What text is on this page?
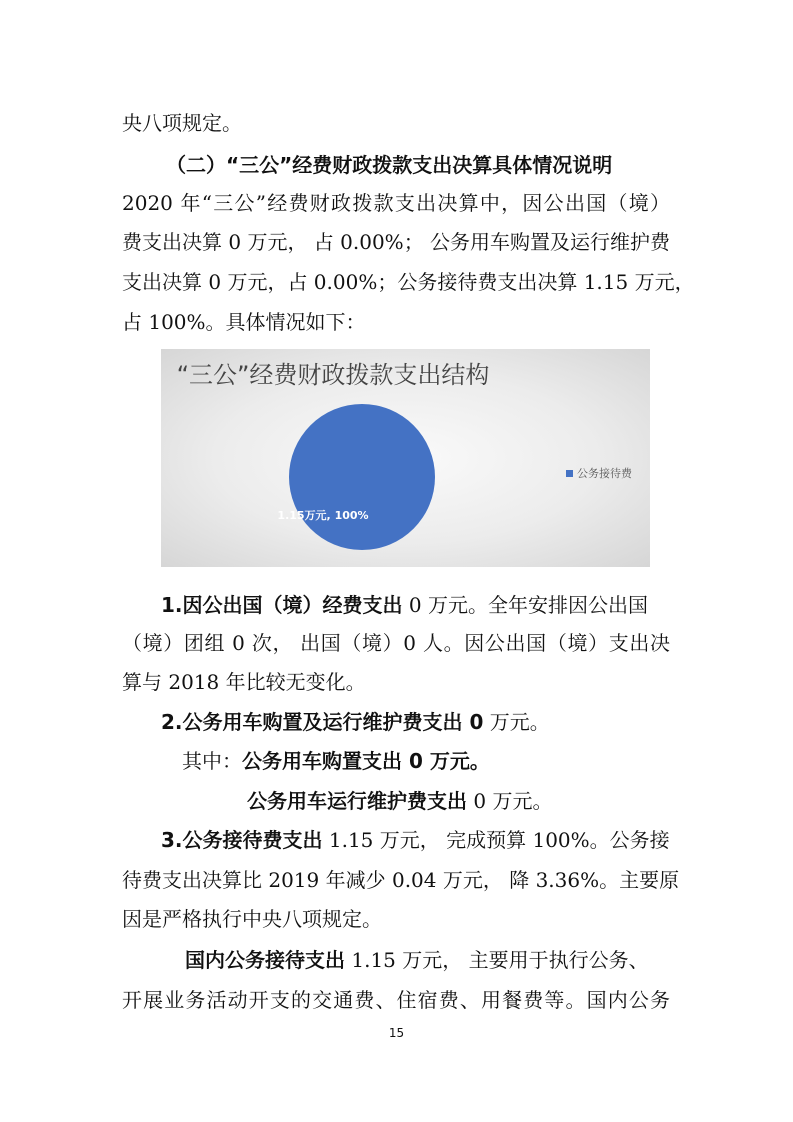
央八项规定。
（二）“三公”经费财政拨款支出决算具体情况说明
2020 年“三公”经费财政拨款支出决算中，因公出国（境）
费支出决算 0 万元， 占 0.00%； 公务用车购置及运行维护费
支出决算 0 万元，占 0.00%；公务接待费支出决算 1.15 万元，
占 100%。具体情况如下：
“三公”经费财政拨款支出结构
1.15万元, 100%
公务接待费
1.因公出国（境）经费支出 0 万元。全年安排因公出国
（境）团组 0 次， 出国（境）0 人。因公出国（境）支出决
算与 2018 年比较无变化。
2.公务用车购置及运行维护费支出 0 万元。
其中：公务用车购置支出 0 万元。
公务用车运行维护费支出 0 万元。
3.公务接待费支出 1.15 万元， 完成预算 100%。公务接
待费支出决算比 2019 年减少 0.04 万元， 降 3.36%。主要原
因是严格执行中央八项规定。
国内公务接待支出 1.15 万元， 主要用于执行公务、
开展业务活动开支的交通费、住宿费、用餐费等。国内公务
15
